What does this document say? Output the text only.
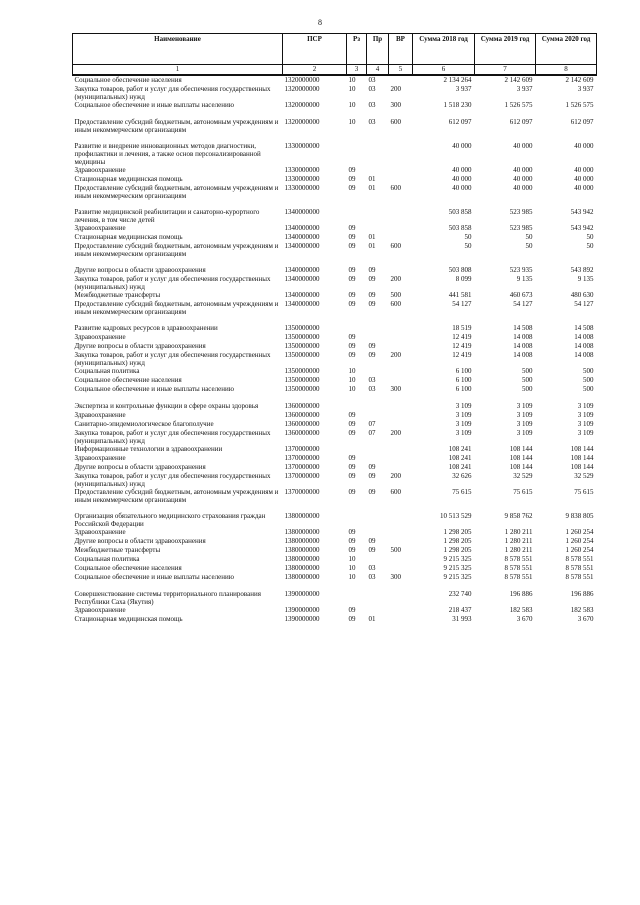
8
Наименование	ПСР	Рз	Пр	ВР	Сумма 2018 год	Сумма 2019 год	Сумма 2020 год
1	2	3	4	5	6	7	8
Социальное обеспечение населения	1320000000	10	03		2 134 264	2 142 609	2 142 609
Закупка товаров, работ и услуг для обеспечения государственных (муниципальных) нужд	1320000000	10	03	200	3 937	3 937	3 937
Социальное обеспечение и иные выплаты населению	1320000000	10	03	300	1 518 230	1 526 575	1 526 575

Предоставление субсидий бюджетным, автономным учреждениям и иным некоммерческим организациям	1320000000	10	03	600	612 097	612 097	612 097

Развитие и внедрение инновационных методов диагностики, профилактики и лечения, а также основ персонализированной медицины	1330000000				40 000	40 000	40 000
Здравоохранение	1330000000	09			40 000	40 000	40 000
Стационарная медицинская помощь	1330000000	09	01		40 000	40 000	40 000
Предоставление субсидий бюджетным, автономным учреждениям и иным некоммерческим организациям	1330000000	09	01	600	40 000	40 000	40 000

Развитие медицинской реабилитации и санаторно-курортного лечения, в том числе детей	1340000000				503 858	523 985	543 942
Здравоохранение	1340000000	09			503 858	523 985	543 942
Стационарная медицинская помощь	1340000000	09	01		50	50	50
Предоставление субсидий бюджетным, автономным учреждениям и иным некоммерческим организациям	1340000000	09	01	600	50	50	50

Другие вопросы в области здравоохранения	1340000000	09	09		503 808	523 935	543 892
Закупка товаров, работ и услуг для обеспечения государственных (муниципальных) нужд	1340000000	09	09	200	8 099	9 135	9 135
Межбюджетные трансферты	1340000000	09	09	500	441 581	460 673	480 630
Предоставление субсидий бюджетным, автономным учреждениям и иным некоммерческим организациям	1340000000	09	09	600	54 127	54 127	54 127

Развитие кадровых ресурсов в здравоохранении	1350000000				18 519	14 508	14 508
Здравоохранение	1350000000	09			12 419	14 008	14 008
Другие вопросы в области здравоохранения	1350000000	09	09		12 419	14 008	14 008
Закупка товаров, работ и услуг для обеспечения государственных (муниципальных) нужд	1350000000	09	09	200	12 419	14 008	14 008
Социальная политика	1350000000	10			6 100	500	500
Социальное обеспечение населения	1350000000	10	03		6 100	500	500
Социальное обеспечение и иные выплаты населению	1350000000	10	03	300	6 100	500	500

Экспертиза и контрольные функции в сфере охраны здоровья	1360000000				3 109	3 109	3 109
Здравоохранение	1360000000	09			3 109	3 109	3 109
Санитарно-эпидемиологическое благополучие	1360000000	09	07		3 109	3 109	3 109
Закупка товаров, работ и услуг для обеспечения государственных (муниципальных) нужд	1360000000	09	07	200	3 109	3 109	3 109
Информационные технологии в здравоохранении	1370000000				108 241	108 144	108 144
Здравоохранение	1370000000	09			108 241	108 144	108 144
Другие вопросы в области здравоохранения	1370000000	09	09		108 241	108 144	108 144
Закупка товаров, работ и услуг для обеспечения государственных (муниципальных) нужд	1370000000	09	09	200	32 626	32 529	32 529
Предоставление субсидий бюджетным, автономным учреждениям и иным некоммерческим организациям	1370000000	09	09	600	75 615	75 615	75 615

Организация обязательного медицинского страхования граждан Российской Федерации	1380000000				10 513 529	9 858 762	9 838 805
Здравоохранение	1380000000	09			1 298 205	1 280 211	1 260 254
Другие вопросы в области здравоохранения	1380000000	09	09		1 298 205	1 280 211	1 260 254
Межбюджетные трансферты	1380000000	09	09	500	1 298 205	1 280 211	1 260 254
Социальная политика	1380000000	10			9 215 325	8 578 551	8 578 551
Социальное обеспечение населения	1380000000	10	03		9 215 325	8 578 551	8 578 551
Социальное обеспечение и иные выплаты населению	1380000000	10	03	300	9 215 325	8 578 551	8 578 551

Совершенствование системы территориального планирования Республики Саха (Якутия)	1390000000				232 740	196 886	196 886
Здравоохранение	1390000000	09			218 437	182 583	182 583
Стационарная медицинская помощь	1390000000	09	01		31 993	3 670	3 670
